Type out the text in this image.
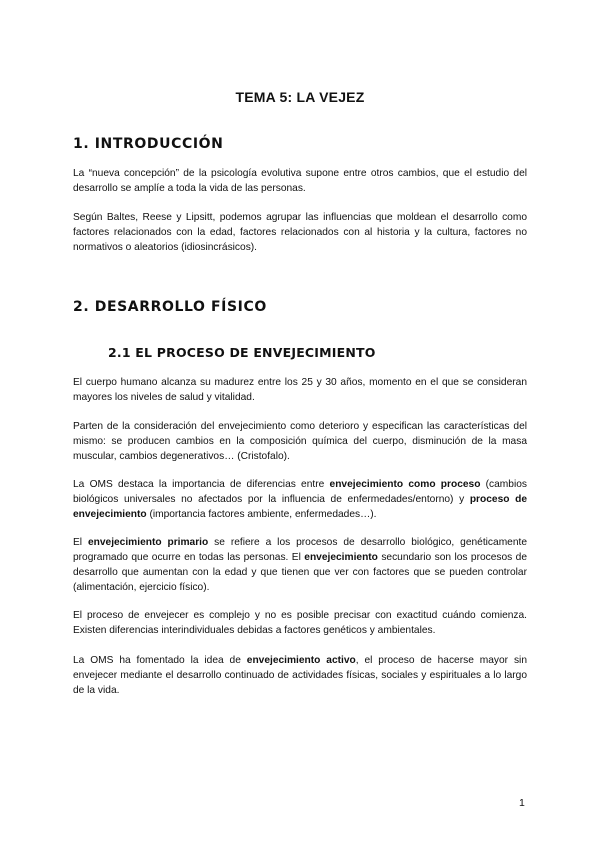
TEMA 5: LA VEJEZ
1. INTRODUCCIÓN
La “nueva concepción” de la psicología evolutiva supone entre otros cambios, que el estudio del desarrollo se amplíe a toda la vida de las personas.
Según Baltes, Reese y Lipsitt, podemos agrupar las influencias que moldean el desarrollo como factores relacionados con la edad, factores relacionados con al historia y la cultura, factores no normativos o aleatorios (idiosincrásicos).
2. DESARROLLO FÍSICO
2.1 EL PROCESO DE ENVEJECIMIENTO
El cuerpo humano alcanza su madurez entre los 25 y 30 años, momento en el que se consideran mayores los niveles de salud y vitalidad.
Parten de la consideración del envejecimiento como deterioro y especifican las características del mismo: se producen cambios en la composición química del cuerpo, disminución de la masa muscular, cambios degenerativos… (Cristofalo).
La OMS destaca la importancia de diferencias entre envejecimiento como proceso (cambios biológicos universales no afectados por la influencia de enfermedades/entorno) y proceso de envejecimiento (importancia factores ambiente, enfermedades…).
El envejecimiento primario se refiere a los procesos de desarrollo biológico, genéticamente programado que ocurre en todas las personas. El envejecimiento secundario son los procesos de desarrollo que aumentan con la edad y que tienen que ver con factores que se pueden controlar (alimentación, ejercicio físico).
El proceso de envejecer es complejo y no es posible precisar con exactitud cuándo comienza. Existen diferencias interindividuales debidas a factores genéticos y ambientales.
La OMS ha fomentado la idea de envejecimiento activo, el proceso de hacerse mayor sin envejecer mediante el desarrollo continuado de actividades físicas, sociales y espirituales a lo largo de la vida.
1
